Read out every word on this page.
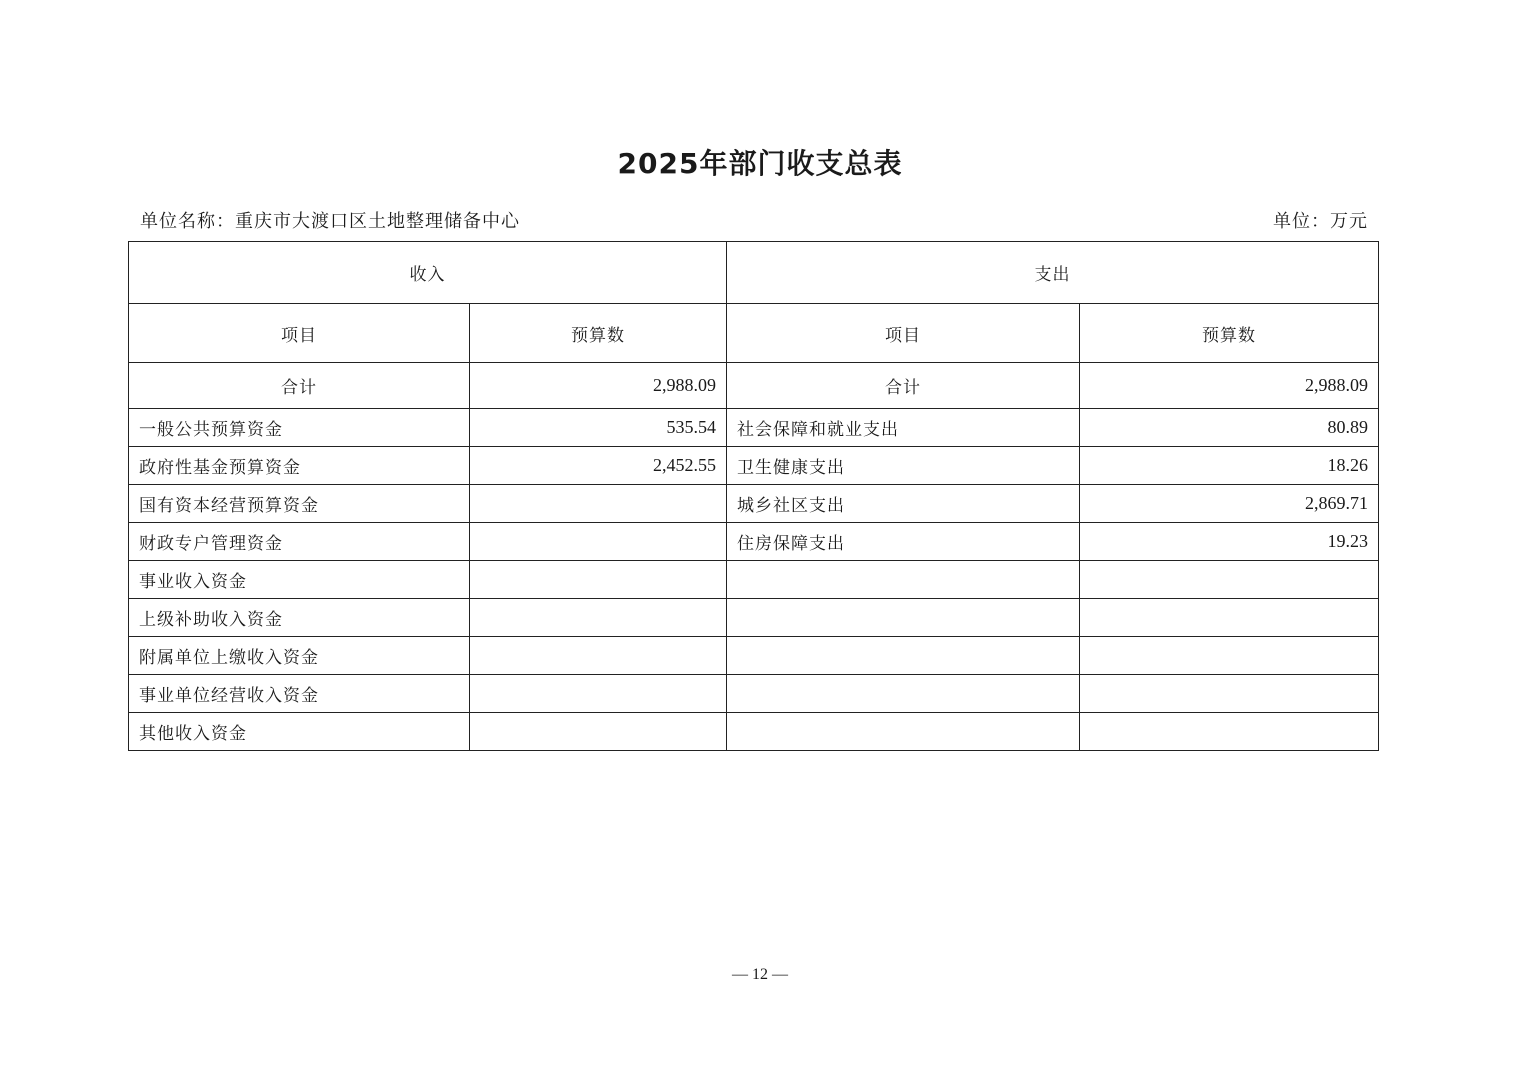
2025年部门收支总表
单位名称：重庆市大渡口区土地整理储备中心	单位：万元
收入		支出	
项目	预算数	项目	预算数
合计	2,988.09	合计	2,988.09
一般公共预算资金	535.54	社会保障和就业支出	80.89
政府性基金预算资金	2,452.55	卫生健康支出	18.26
国有资本经营预算资金		城乡社区支出	2,869.71
财政专户管理资金		住房保障支出	19.23
事业收入资金			
上级补助收入资金			
附属单位上缴收入资金			
事业单位经营收入资金			
其他收入资金			
— 12 —
